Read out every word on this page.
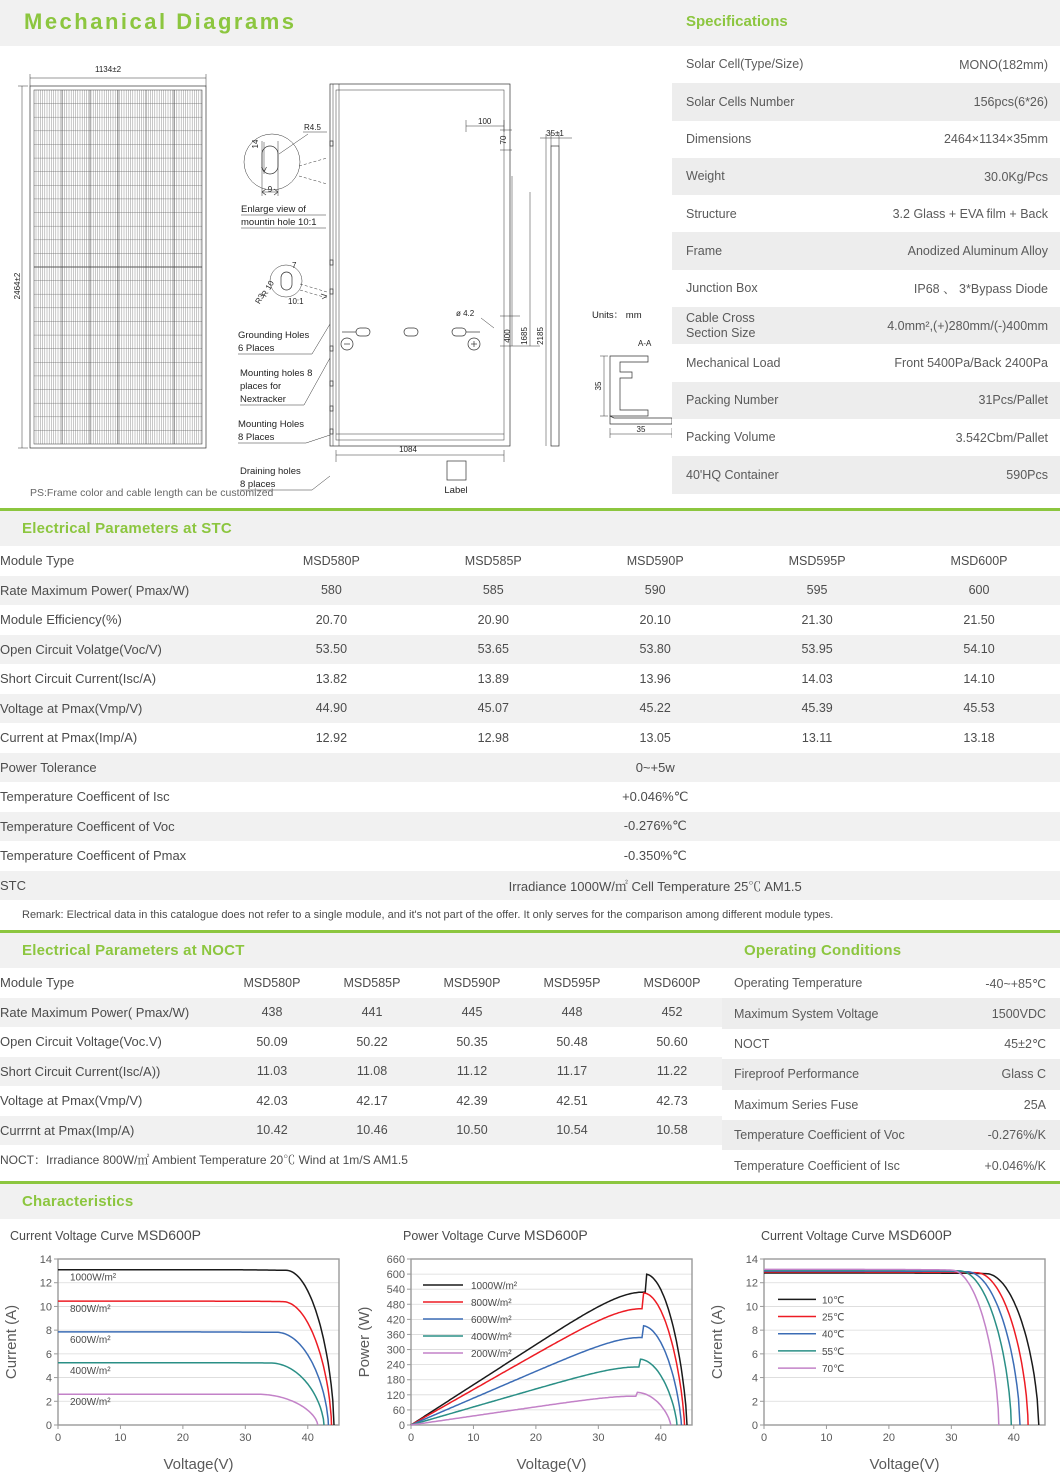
Mechanical Diagrams
1134±2
2464±2
9
14
R4.5
Enlarge view of
mountin hole 10:1
7
R 10
R3	10:1
Grounding Holes
6 Places
Mounting holes 8
places for
Nextracker
Mounting Holes
8 Places
Draining holes
8 places
ø 4.2
1084
Label
100
70
400 1685 2185
35±1
Units： mm
A-A
35
35
PS:Frame color and cable length can be customized
Specifications
Solar Cell(Type/Size)	MONO(182mm)
Solar Cells Number	156pcs(6*26)
Dimensions	2464×1134×35mm
Weight	30.0Kg/Pcs
Structure	3.2 Glass + EVA film + Back
Frame	Anodized Aluminum Alloy
Junction Box	IP68 、 3*Bypass Diode
Cable Cross
Section Size	4.0mm²,(+)280mm/(-)400mm
Mechanical Load	Front 5400Pa/Back 2400Pa
Packing Number	31Pcs/Pallet
Packing Volume	3.542Cbm/Pallet
40'HQ Container	590Pcs
Electrical Parameters at STC
Module Type	MSD580P	MSD585P	MSD590P	MSD595P	MSD600P
Rate Maximum Power( Pmax/W)	580	585	590	595	600
Module Efficiency(%)	20.70	20.90	20.10	21.30	21.50
Open Circuit Volatge(Voc/V)	53.50	53.65	53.80	53.95	54.10
Short Circuit Current(Isc/A)	13.82	13.89	13.96	14.03	14.10
Voltage at Pmax(Vmp/V)	44.90	45.07	45.22	45.39	45.53
Current at Pmax(Imp/A)	12.92	12.98	13.05	13.11	13.18
Power Tolerance	0~+5w				
Temperature Coefficent of Isc	+0.046%℃				
Temperature Coefficent of Voc	-0.276%℃				
Temperature Coefficent of Pmax	-0.350%℃				
STC	Irradiance 1000W/㎡ Cell Temperature 25℃ AM1.5				
Remark: Electrical data in this catalogue does not refer to a single module, and it's not part of the offer. It only serves for the comparison among different module types.
Electrical Parameters at NOCT
Module Type	MSD580P	MSD585P	MSD590P	MSD595P	MSD600P
Rate Maximum Power( Pmax/W)	438	441	445	448	452
Open Circuit Voltage(Voc.V)	50.09	50.22	50.35	50.48	50.60
Short Circuit Current(Isc/A))	11.03	11.08	11.12	11.17	11.22
Voltage at Pmax(Vmp/V)	42.03	42.17	42.39	42.51	42.73
Currrnt at Pmax(Imp/A)	10.42	10.46	10.50	10.54	10.58
NOCT：Irradiance 800W/㎡ Ambient Temperature 20℃ Wind at 1m/S AM1.5					
Operating Conditions
Operating Temperature	-40~+85℃
Maximum System Voltage	1500VDC
NOCT	45±2℃
Fireproof Performance	Glass C
Maximum Series Fuse	25A
Temperature Coefficient of Voc	-0.276%/K
Temperature Coefficient of Isc	+0.046%/K
Characteristics
Current Voltage Curve MSD600P
0
2
4
6
8
10
12
14
0	10	20	30	40
Voltage(V)
Current (A)
1000W/m²
800W/m²
600W/m²
400W/m²
200W/m²
Power Voltage Curve MSD600P
0
60
120
180
240
300
360
420
480
540
600
660
0	10	20	30	40
Voltage(V)
Power (W)
1000W/m²
800W/m²
600W/m²
400W/m²
200W/m²
Current Voltage Curve MSD600P
0
2
4
6
8
10
12
14
0	10	20	30	40
Voltage(V)
Current (A)
10℃
25℃
40℃
55℃
70℃
